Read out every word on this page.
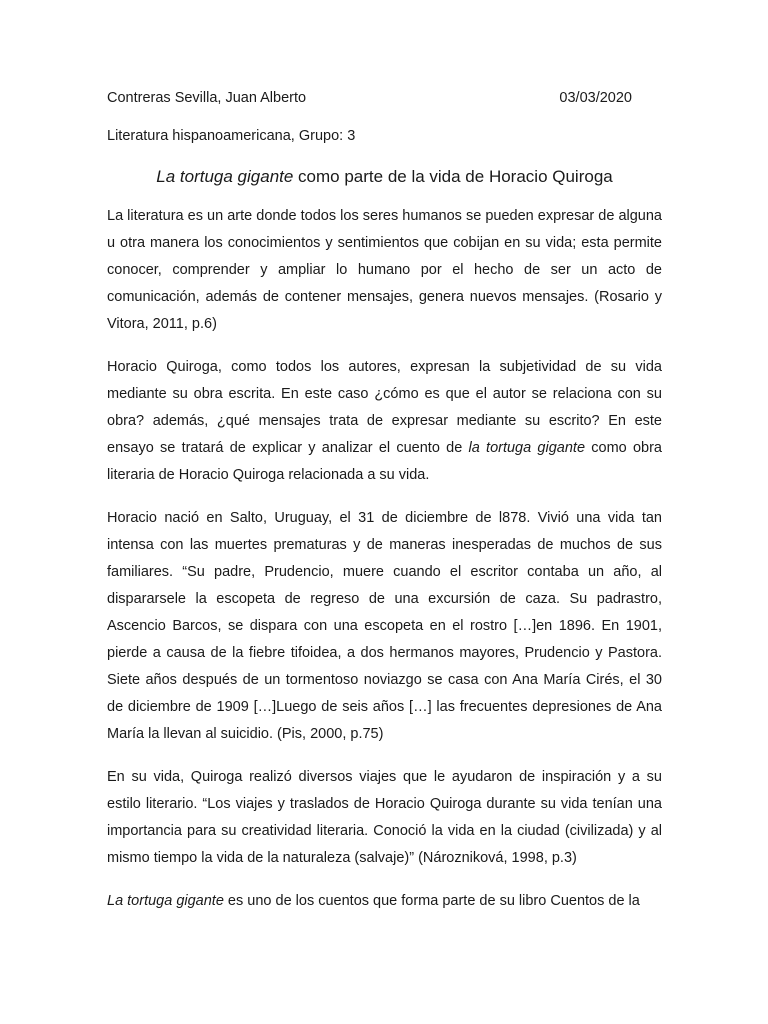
Contreras Sevilla, Juan Alberto	03/03/2020
Literatura hispanoamericana, Grupo: 3
La tortuga gigante como parte de la vida de Horacio Quiroga

La literatura es un arte donde todos los seres humanos se pueden expresar de alguna u otra manera los conocimientos y sentimientos que cobijan en su vida; esta permite conocer, comprender y ampliar lo humano por el hecho de ser un acto de comunicación, además de contener mensajes, genera nuevos mensajes. (Rosario y Vitora, 2011, p.6)

Horacio Quiroga, como todos los autores, expresan la subjetividad de su vida mediante su obra escrita. En este caso ¿cómo es que el autor se relaciona con su obra? además, ¿qué mensajes trata de expresar mediante su escrito? En este ensayo se tratará de explicar y analizar el cuento de la tortuga gigante como obra literaria de Horacio Quiroga relacionada a su vida.

Horacio nació en Salto, Uruguay, el 31 de diciembre de l878. Vivió una vida tan intensa con las muertes prematuras y de maneras inesperadas de muchos de sus familiares. “Su padre, Prudencio, muere cuando el escritor contaba un año, al dispararsele la escopeta de regreso de una excursión de caza. Su padrastro, Ascencio Barcos, se dispara con una escopeta en el rostro […]en 1896. En 1901, pierde a causa de la fiebre tifoidea, a dos hermanos mayores, Prudencio y Pastora. Siete años después de un tormentoso noviazgo se casa con Ana María Cirés, el 30 de diciembre de 1909 […]Luego de seis años […] las frecuentes depresiones de Ana María la llevan al suicidio. (Pis, 2000, p.75)

En su vida, Quiroga realizó diversos viajes que le ayudaron de inspiración y a su estilo literario. “Los viajes y traslados de Horacio Quiroga durante su vida tenían una importancia para su creatividad literaria. Conoció la vida en la ciudad (civilizada) y al mismo tiempo la vida de la naturaleza (salvaje)” (Nározniková, 1998, p.3)

La tortuga gigante es uno de los cuentos que forma parte de su libro Cuentos de la
